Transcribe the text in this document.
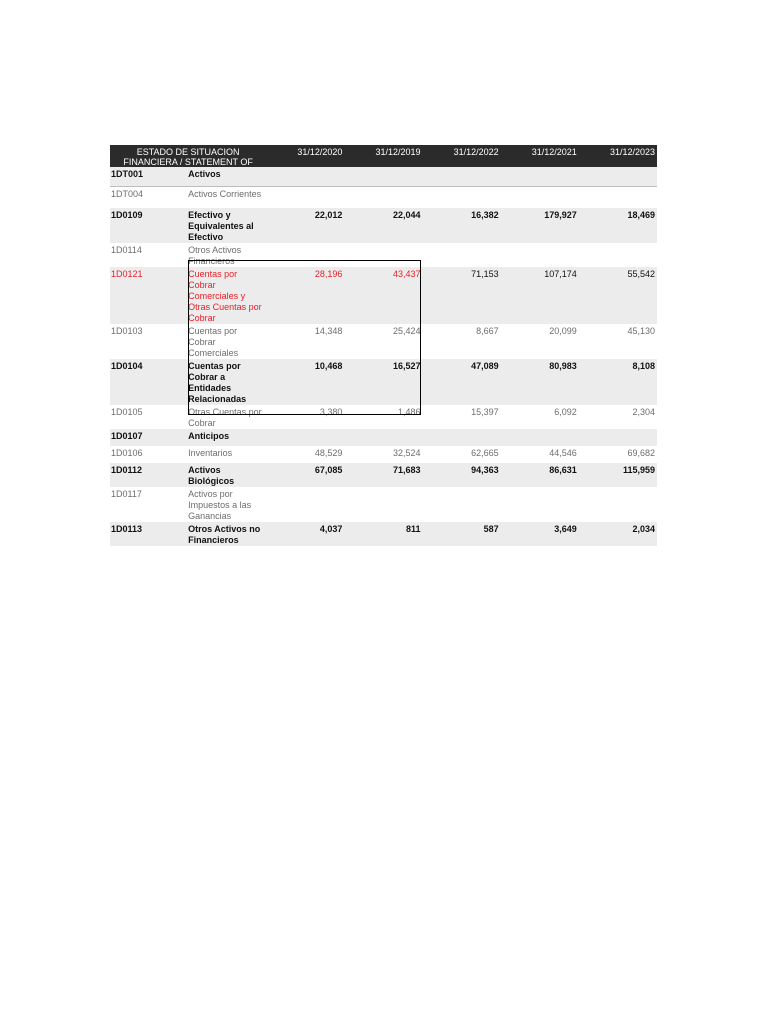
ESTADO DE SITUACION FINANCIERA / STATEMENT OF		31/12/2020	31/12/2019	31/12/2022	31/12/2021	31/12/2023
1DT001	Activos					
1DT004	Activos Corrientes					
1D0109	Efectivo y Equivalentes al Efectivo	22,012	22,044	16,382	179,927	18,469
1D0114	Otros Activos Financieros					
1D0121	Cuentas por Cobrar Comerciales y Otras Cuentas por Cobrar	28,196	43,437	71,153	107,174	55,542
1D0103	Cuentas por Cobrar Comerciales	14,348	25,424	8,667	20,099	45,130
1D0104	Cuentas por Cobrar a Entidades Relacionadas	10,468	16,527	47,089	80,983	8,108
1D0105	Otras Cuentas por Cobrar	3,380	1,486	15,397	6,092	2,304
1D0107	Anticipos					
1D0106	Inventarios	48,529	32,524	62,665	44,546	69,682
1D0112	Activos Biológicos	67,085	71,683	94,363	86,631	115,959
1D0117	Activos por Impuestos a las Ganancias					
1D0113	Otros Activos no Financieros	4,037	811	587	3,649	2,034
